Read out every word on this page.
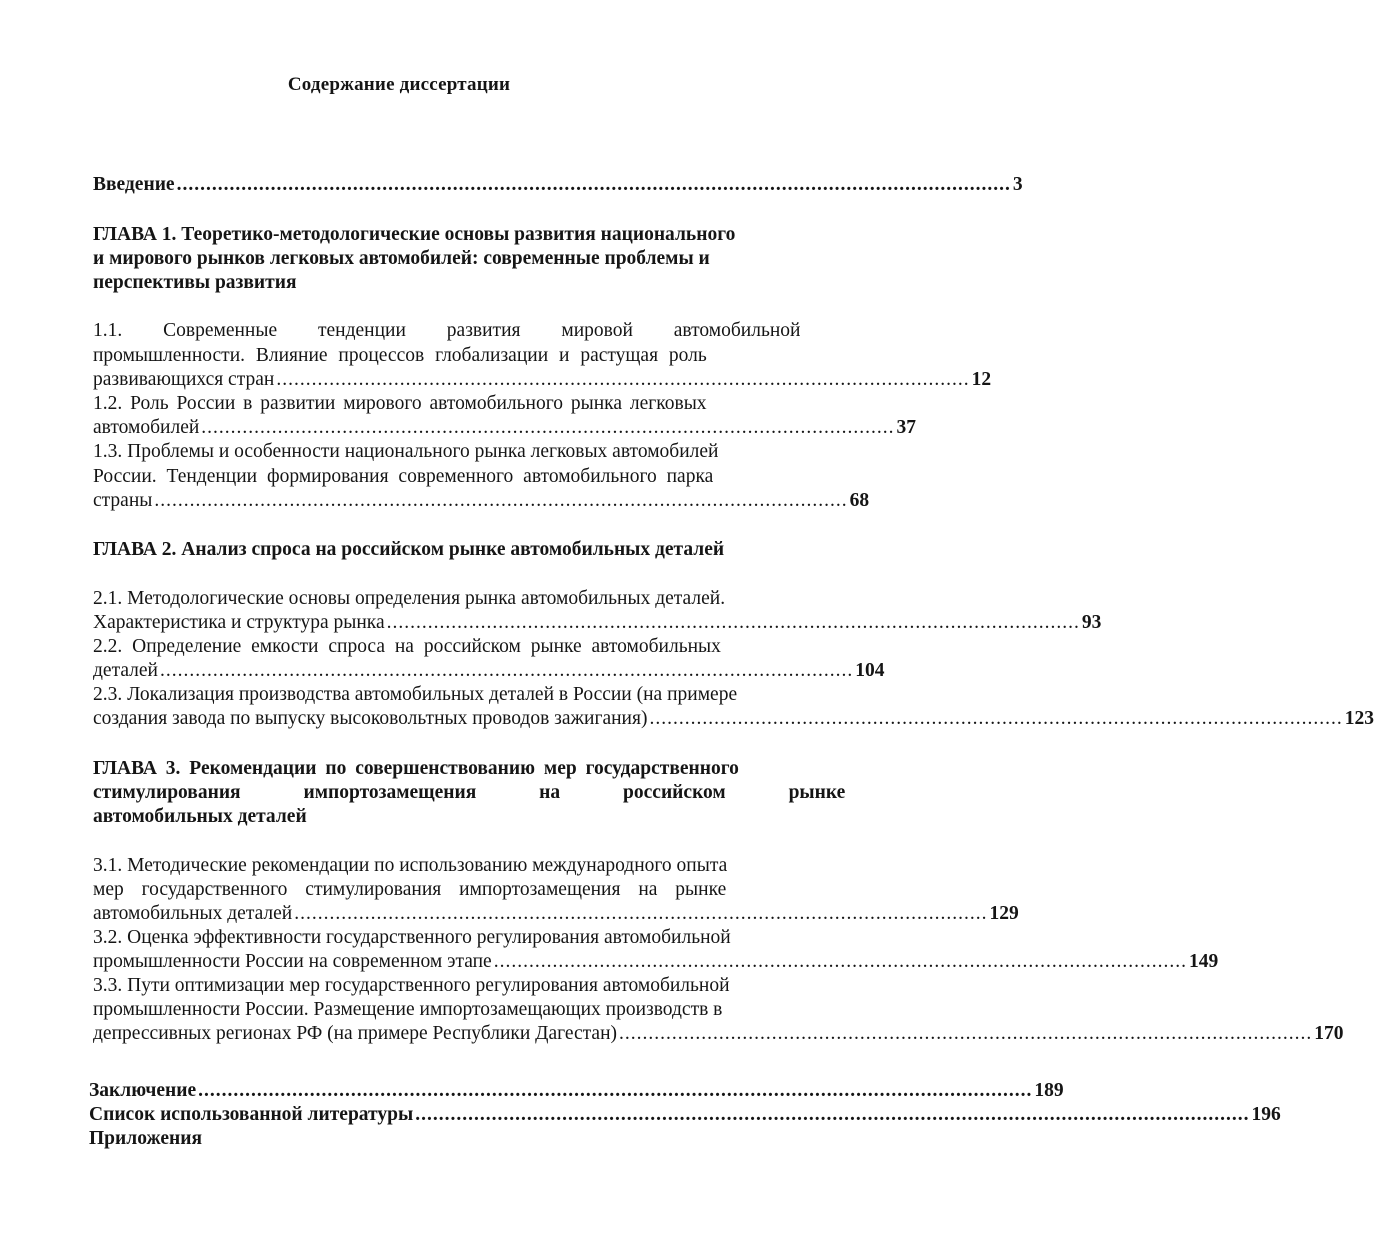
Содержание диссертации
Введение .............................................................................................................................................. 3
ГЛАВА 1. Теоретико-методологические основы развития национального
и мирового рынков легковых автомобилей: современные проблемы и
перспективы развития
1.1. Современные тенденции развития мировой автомобильной
промышленности. Влияние процессов глобализации и растущая роль
развивающихся стран ...................................................................................................................... 12
1.2. Роль России в развитии мирового автомобильного рынка легковых
автомобилей ...................................................................................................................... 37
1.3. Проблемы и особенности национального рынка легковых автомобилей
России. Тенденции формирования современного автомобильного парка
страны ...................................................................................................................... 68
ГЛАВА 2. Анализ спроса на российском рынке автомобильных деталей
2.1. Методологические основы определения рынка автомобильных деталей.
Характеристика и структура рынка ...................................................................................................................... 93
2.2. Определение емкости спроса на российском рынке автомобильных
деталей ...................................................................................................................... 104
2.3. Локализация производства автомобильных деталей в России (на примере
создания завода по выпуску высоковольтных проводов зажигания) ...................................................................................................................... 123
ГЛАВА 3. Рекомендации по совершенствованию мер государственного
стимулирования импортозамещения на российском рынке
автомобильных деталей
3.1. Методические рекомендации по использованию международного опыта
мер государственного стимулирования импортозамещения на рынке
автомобильных деталей ...................................................................................................................... 129
3.2. Оценка эффективности государственного регулирования автомобильной
промышленности России на современном этапе ...................................................................................................................... 149
3.3. Пути оптимизации мер государственного регулирования автомобильной
промышленности России. Размещение импортозамещающих производств в
депрессивных регионах РФ (на примере Республики Дагестан) ...................................................................................................................... 170
Заключение .............................................................................................................................................. 189
Список использованной литературы .............................................................................................................................................. 196
Приложения
